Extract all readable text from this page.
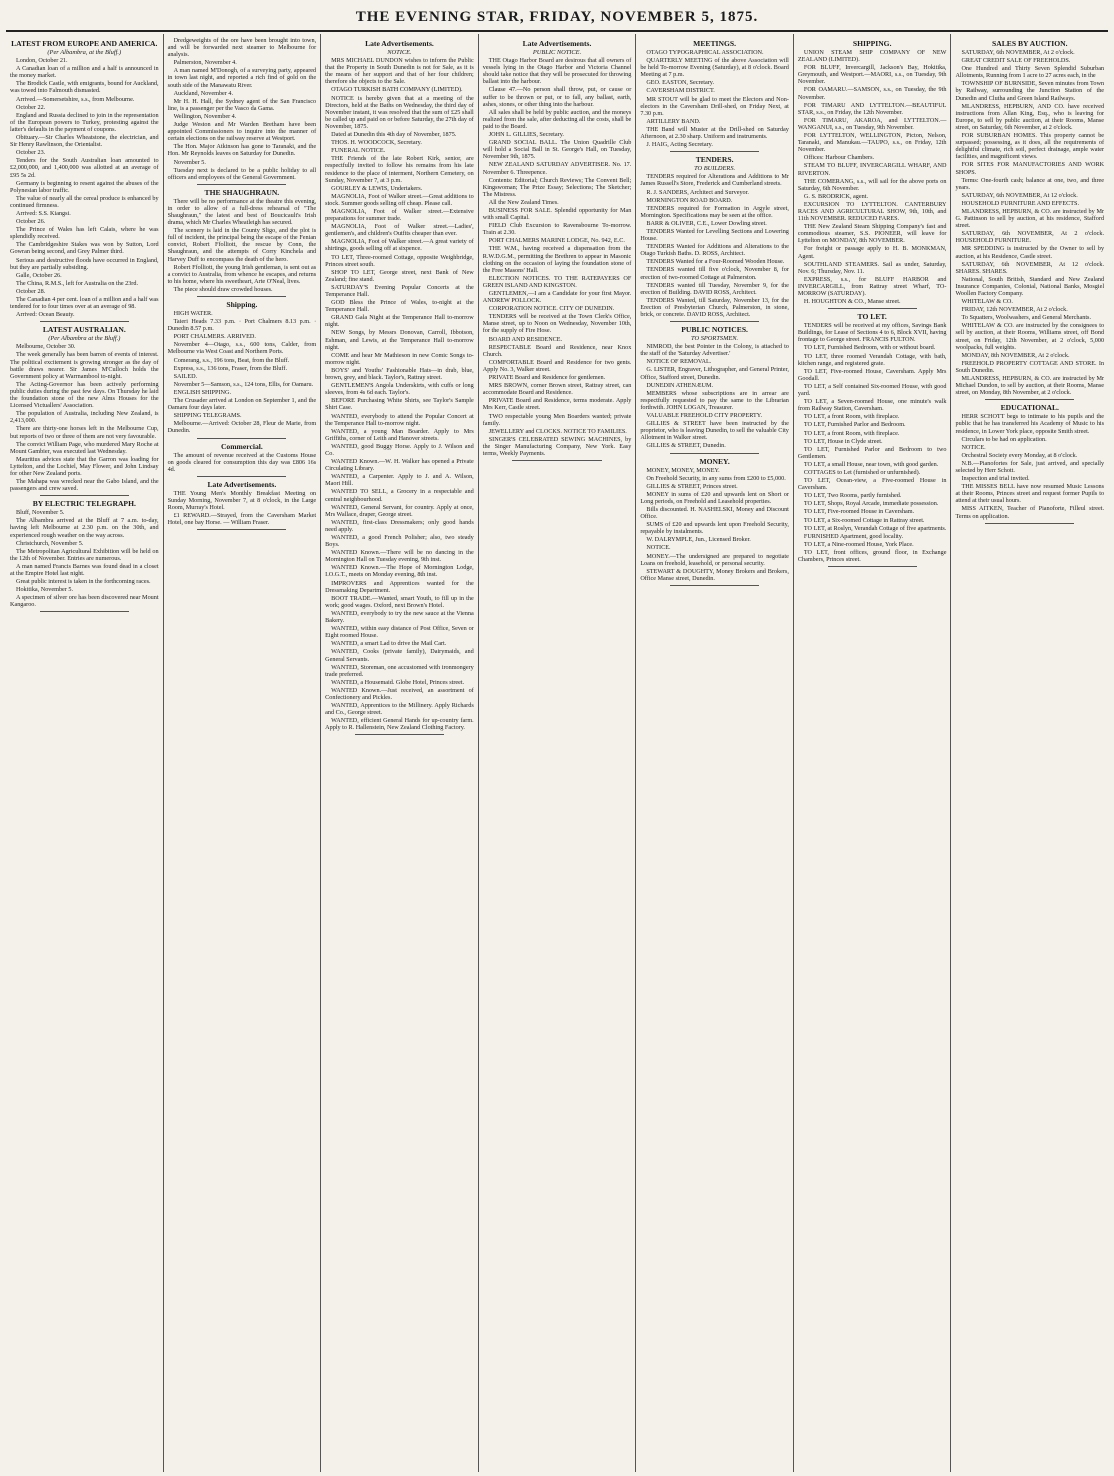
THE EVENING STAR, FRIDAY, NOVEMBER 5, 1875.
LATEST FROM EUROPE AND AMERICA.
(Per Albambra, at the Bluff.)
London, October 21.
A Canadian loan of a million and a half is announced in the money market.
The Brodick Castle, with emigrants, bound for Auckland, was towed into Falmouth dismasted.
Arrived.—Somersetshire, s.s., from Melbourne.
October 22.
England and Russia declined to join in the representation of the European powers to Turkey, protesting against the latter's defaults in the payment of coupons.
Obituary.—Sir Charles Wheatstone, the electrician, and Sir Henry Rawlinson, the Orientalist.
October 23.
Tenders for the South Australian loan amounted to £2,000,000, and 1,400,000 was allotted at an average of £95 5s 2d.
Germany is beginning to resent against the abuses of the Polynesian labor traffic.
The value of nearly all the cereal produce is enhanced by continued firmness.
Arrived: S.S. Kiangsi.
October 26.
The Prince of Wales has left Calais, where he was splendidly received.
The Cambridgeshire Stakes was won by Sutton, Lord Gowran being second, and Grey Palmer third.
Serious and destructive floods have occurred in England, but they are partially subsiding.
Galle, October 26.
The China, R.M.S., left for Australia on the 23rd.
October 28.
The Canadian 4 per cent. loan of a million and a half was tendered for to four times over at an average of 98.
Arrived: Ocean Beauty.
LATEST AUSTRALIAN.
(Per Albambra at the Bluff.)
Melbourne, October 30.
The week generally has been barren of events of interest. The political excitement is growing stronger as the day of battle draws nearer. Sir James M'Culloch holds the Government policy at Warrnambool to-night.
The Acting-Governor has been actively performing public duties during the past few days. On Thursday he laid the foundation stone of the new Alms Houses for the Licensed Victuallers' Association.
The population of Australia, including New Zealand, is 2,413,000.
There are thirty-one horses left in the Melbourne Cup, but reports of two or three of them are not very favourable.
The convict William Page, who murdered Mary Roche at Mount Gambier, was executed last Wednesday.
Mauritius advices state that the Garron was loading for Lyttelton, and the Lochiel, May Flower, and John Lindsay for other New Zealand ports.
The Mahapa was wrecked near the Gabo Island, and the passengers and crew saved.
BY ELECTRIC TELEGRAPH.
Bluff, November 5.
The Albambra arrived at the Bluff at 7 a.m. to-day, having left Melbourne at 2.30 p.m. on the 30th, and experienced rough weather on the way across.
Christchurch, November 5.
The Metropolitan Agricultural Exhibition will be held on the 12th of November. Entries are numerous.
A man named Francis Barnes was found dead in a closet at the Empire Hotel last night.
Great public interest is taken in the forthcoming races.
Hokitika, November 5.
A specimen of silver ore has been discovered near Mount Kangaroo.
Dredgeweights of the ore have been brought into town, and will be forwarded next steamer to Melbourne for analysis.
Palmerston, November 4.
A man named M'Donogh, of a surveying party, appeared in town last night, and reported a rich find of gold on the south side of the Manawatu River.
Auckland, November 4.
Mr H. H. Hall, the Sydney agent of the San Francisco line, is a passenger per the Vasco da Gama.
Wellington, November 4.
Judge Weston and Mr Warden Bretham have been appointed Commissioners to inquire into the manner of certain elections on the railway reserve at Westport.
The Hon. Major Atkinson has gone to Taranaki, and the Hon. Mr Reynolds leaves on Saturday for Dunedin.
November 5.
Tuesday next is declared to be a public holiday to all officers and employees of the General Government.
THE SHAUGHRAUN.
There will be no performance at the theatre this evening, in order to allow of a full-dress rehearsal of "The Shaughraun," the latest and best of Boucicault's Irish drama, which Mr Charles Wheatleigh has secured.
The scenery is laid in the County Sligo, and the plot is full of incident, the principal being the escape of the Fenian convict, Robert Ffolliott, the rescue by Conn, the Shaughraun, and the attempts of Corry Kinchela and Harvey Duff to encompass the death of the hero.
Robert Ffolliott, the young Irish gentleman, is sent out as a convict to Australia, from whence he escapes, and returns to his home, where his sweetheart, Arte O'Neal, lives.
The piece should draw crowded houses.
Shipping.
HIGH WATER.
Taieri Heads 7.33 p.m. · Port Chalmers 8.13 p.m. · Dunedin 8.57 p.m.
PORT CHALMERS. ARRIVED.
November 4—Otago, s.s., 600 tons, Calder, from Melbourne via West Coast and Northern Ports.
Comerang, s.s., 196 tons, Beat, from the Bluff.
Express, s.s., 136 tons, Fraser, from the Bluff.
SAILED.
November 5—Samson, s.s., 124 tons, Ellis, for Oamaru.
ENGLISH SHIPPING.
The Crusader arrived at London on September 1, and the Oamaru four days later.
SHIPPING TELEGRAMS.
Melbourne.—Arrived: October 28, Fleur de Marie, from Dunedin.
Commercial.
The amount of revenue received at the Customs House on goods cleared for consumption this day was £806 16s 4d.
Late Advertisements.
THE Young Men's Monthly Breakfast Meeting on Sunday Morning, November 7, at 8 o'clock, in the Large Room, Murray's Hotel.
£1 REWARD.—Strayed, from the Caversham Market Hotel, one bay Horse. — William Fraser.
Late Advertisements.
NOTICE.
MRS MICHAEL DUNDON wishes to inform the Public that the Property in South Dunedin is not for Sale, as it is the means of her support and that of her four children; therefore she objects to the Sale.
OTAGO TURKISH BATH COMPANY (LIMITED).
NOTICE is hereby given that at a meeting of the Directors, held at the Baths on Wednesday, the third day of November instant, it was resolved that the sum of £25 shall be called up and paid on or before Saturday, the 27th day of November, 1875.
Dated at Dunedin this 4th day of November, 1875.
THOS. H. WOODCOCK, Secretary.
FUNERAL NOTICE.
THE Friends of the late Robert Kirk, senior, are respectfully invited to follow his remains from his late residence to the place of interment, Northern Cemetery, on Sunday, November 7, at 3 p.m.
GOURLEY & LEWIS, Undertakers.
MAGNOLIA, Foot of Walker street.—Great additions to stock. Summer goods selling off cheap. Please call.
MAGNOLIA, Foot of Walker street.—Extensive preparations for summer trade.
MAGNOLIA, Foot of Walker street.—Ladies', gentlemen's, and children's Outfits cheaper than ever.
MAGNOLIA, Foot of Walker street.—A great variety of shirtings, goods selling off at sixpence.
TO LET, Three-roomed Cottage, opposite Weighbridge, Princes street south.
SHOP TO LET, George street, next Bank of New Zealand; fine stand.
SATURDAY'S Evening Popular Concerts at the Temperance Hall.
GOD Bless the Prince of Wales, to-night at the Temperance Hall.
GRAND Gala Night at the Temperance Hall to-morrow night.
NEW Songs, by Messrs Donovan, Carroll, Ibbotson, Eshman, and Lewis, at the Temperance Hall to-morrow night.
COME and hear Mr Mathieson in new Comic Songs to-morrow night.
BOYS' and Youths' Fashionable Hats—in drab, blue, brown, grey, and black. Taylor's, Rattray street.
GENTLEMEN'S Angola Underskirts, with cuffs or long sleeves, from 4s 6d each. Taylor's.
BEFORE Purchasing White Shirts, see Taylor's Sample Shirt Case.
WANTED, everybody to attend the Popular Concert at the Temperance Hall to-morrow night.
WANTED, a young Man Boarder. Apply to Mrs Griffiths, corner of Leith and Hanover streets.
WANTED, good Buggy Horse. Apply to J. Wilson and Co.
WANTED Known.—W. H. Walker has opened a Private Circulating Library.
WANTED, a Carpenter. Apply to J. and A. Wilson, Maori Hill.
WANTED TO SELL, a Grocery in a respectable and central neighbourhood.
WANTED, General Servant, for country. Apply at once, Mrs Wallace, draper, George street.
WANTED, first-class Dressmakers; only good hands need apply.
WANTED, a good French Polisher; also, two steady Boys.
WANTED Known.—There will be no dancing in the Mornington Hall on Tuesday evening, 9th inst.
WANTED Known.—The Hope of Mornington Lodge, I.O.G.T., meets on Monday evening, 8th inst.
IMPROVERS and Apprentices wanted for the Dressmaking Department.
BOOT TRADE.—Wanted, smart Youth, to fill up in the work; good wages. Oxford, next Brown's Hotel.
WANTED, everybody to try the new sauce at the Vienna Bakery.
WANTED, within easy distance of Post Office, Seven or Eight roomed House.
WANTED, a smart Lad to drive the Mail Cart.
WANTED, Cooks (private family), Dairymaids, and General Servants.
WANTED, Storeman, one accustomed with ironmongery trade preferred.
WANTED, a Housemaid. Globe Hotel, Princes street.
WANTED Known.—Just received, an assortment of Confectionery and Pickles.
WANTED, Apprentices to the Millinery. Apply Richards and Co., George street.
WANTED, efficient General Hands for up-country farm. Apply to R. Hallenstein, New Zealand Clothing Factory.
Late Advertisements.
PUBLIC NOTICE.
THE Otago Harbor Board are desirous that all owners of vessels lying in the Otago Harbor and Victoria Channel should take notice that they will be prosecuted for throwing ballast into the harbour.
Clause 47.—No person shall throw, put, or cause or suffer to be thrown or put, or to fall, any ballast, earth, ashes, stones, or other thing into the harbour.
All sales shall be held by public auction, and the moneys realized from the sale, after deducting all the costs, shall be paid to the Board.
JOHN L. GILLIES, Secretary.
GRAND SOCIAL BALL. The Union Quadrille Club will hold a Social Ball in St. George's Hall, on Tuesday, November 9th, 1875.
NEW ZEALAND SATURDAY ADVERTISER. No. 17. November 6. Threepence.
Contents: Editorial; Church Reviews; The Convent Bell; Kingswoman; The Prize Essay; Selections; The Sketcher; The Mistress.
All the New Zealand Times.
BUSINESS FOR SALE. Splendid opportunity for Man with small Capital.
FIELD Club Excursion to Ravensbourne To-morrow. Train at 2.30.
PORT CHALMERS MARINE LODGE, No. 942, E.C.
THE W.M., having received a dispensation from the R.W.D.G.M., permitting the Brethren to appear in Masonic clothing on the occasion of laying the foundation stone of the Free Masons' Hall.
ELECTION NOTICES. TO THE RATEPAYERS OF GREEN ISLAND AND KINGSTON.
GENTLEMEN,—I am a Candidate for your first Mayor. ANDREW POLLOCK.
CORPORATION NOTICE. CITY OF DUNEDIN.
TENDERS will be received at the Town Clerk's Office, Manse street, up to Noon on Wednesday, November 10th, for the supply of Fire Hose.
BOARD AND RESIDENCE.
RESPECTABLE Board and Residence, near Knox Church.
COMFORTABLE Board and Residence for two gents. Apply No. 3, Walker street.
PRIVATE Board and Residence for gentlemen.
MRS BROWN, corner Brown street, Rattray street, can accommodate Board and Residence.
PRIVATE Board and Residence, terms moderate. Apply Mrs Kerr, Castle street.
TWO respectable young Men Boarders wanted; private family.
JEWELLERY and CLOCKS. NOTICE TO FAMILIES.
SINGER'S CELEBRATED SEWING MACHINES, by the Singer Manufacturing Company, New York. Easy terms, Weekly Payments.
MEETINGS.
OTAGO TYPOGRAPHICAL ASSOCIATION.
QUARTERLY MEETING of the above Association will be held To-morrow Evening (Saturday), at 8 o'clock. Board Meeting at 7 p.m.
GEO. EASTON, Secretary.
CAVERSHAM DISTRICT.
MR STOUT will be glad to meet the Electors and Non-electors in the Caversham Drill-shed, on Friday Next, at 7.30 p.m.
ARTILLERY BAND.
THE Band will Muster at the Drill-shed on Saturday Afternoon, at 2.30 sharp. Uniform and instruments.
J. HAIG, Acting Secretary.
TENDERS.
TO BUILDERS.
TENDERS required for Alterations and Additions to Mr James Russell's Store, Frederick and Cumberland streets.
R. J. SANDERS, Architect and Surveyor.
MORNINGTON ROAD BOARD.
TENDERS required for Formation in Argyle street, Mornington. Specifications may be seen at the office.
BARR & OLIVER, C.E., Lower Dowling street.
TENDERS Wanted for Levelling Sections and Lowering House.
TENDERS Wanted for Additions and Alterations to the Otago Turkish Baths. D. ROSS, Architect.
TENDERS Wanted for a Four-Roomed Wooden House.
TENDERS wanted till five o'clock, November 8, for erection of two-roomed Cottage at Palmerston.
TENDERS wanted till Tuesday, November 9, for the erection of Building. DAVID ROSS, Architect.
TENDERS Wanted, till Saturday, November 13, for the Erection of Presbyterian Church, Palmerston, in stone, brick, or concrete. DAVID ROSS, Architect.
PUBLIC NOTICES.
TO SPORTSMEN.
NIMROD, the best Pointer in the Colony, is attached to the staff of the 'Saturday Advertiser.'
NOTICE OF REMOVAL.
G. LISTER, Engraver, Lithographer, and General Printer, Office, Stafford street, Dunedin.
DUNEDIN ATHENÆUM.
MEMBERS whose subscriptions are in arrear are respectfully requested to pay the same to the Librarian forthwith. JOHN LOGAN, Treasurer.
VALUABLE FREEHOLD CITY PROPERTY.
GILLIES & STREET have been instructed by the proprietor, who is leaving Dunedin, to sell the valuable City Allotment in Walker street.
GILLIES & STREET, Dunedin.
MONEY.
MONEY, MONEY, MONEY.
On Freehold Security, in any sums from £200 to £5,000.
GILLIES & STREET, Princes street.
MONEY in sums of £20 and upwards lent on Short or Long periods, on Freehold and Leasehold properties.
Bills discounted. H. NASHELSKI, Money and Discount Office.
SUMS of £20 and upwards lent upon Freehold Security, repayable by instalments.
W. DALRYMPLE, Jun., Licensed Broker.
NOTICE.
MONEY.—The undersigned are prepared to negotiate Loans on freehold, leasehold, or personal security.
STEWART & DOUGHTY, Money Brokers and Brokers, Office Manse street, Dunedin.
SHIPPING.
UNION STEAM SHIP COMPANY OF NEW ZEALAND (LIMITED).
FOR BLUFF, Invercargill, Jackson's Bay, Hokitika, Greymouth, and Westport.—MAORI, s.s., on Tuesday, 9th November.
FOR OAMARU.—SAMSON, s.s., on Tuesday, the 9th November.
FOR TIMARU AND LYTTELTON.—BEAUTIFUL STAR, s.s., on Friday, the 12th November.
FOR TIMARU, AKAROA, and LYTTELTON.—WANGANUI, s.s., on Tuesday, 9th November.
FOR LYTTELTON, WELLINGTON, Picton, Nelson, Taranaki, and Manukau.—TAUPO, s.s., on Friday, 12th November.
Offices: Harbour Chambers.
STEAM TO BLUFF, INVERCARGILL WHARF, AND RIVERTON.
THE COMERANG, s.s., will sail for the above ports on Saturday, 6th November.
G. S. BRODRICK, agent.
EXCURSION TO LYTTELTON. CANTERBURY RACES AND AGRICULTURAL SHOW, 9th, 10th, and 11th NOVEMBER. REDUCED FARES.
THE New Zealand Steam Shipping Company's fast and commodious steamer, S.S. PIONEER, will leave for Lyttelton on MONDAY, 8th NOVEMBER.
For freight or passage apply to H. B. MONKMAN, Agent.
SOUTHLAND STEAMERS. Sail as under, Saturday, Nov. 6; Thursday, Nov. 11.
EXPRESS, s.s., for BLUFF HARBOR and INVERCARGILL, from Rattray street Wharf, TO-MORROW (SATURDAY).
H. HOUGHTON & CO., Manse street.
TO LET.
TENDERS will be received at my offices, Savings Bank Buildings, for Lease of Sections 4 to 6, Block XVII, having frontage to George street. FRANCIS FULTON.
TO LET, Furnished Bedroom, with or without board.
TO LET, three roomed Verandah Cottage, with bath, kitchen range, and registered grate.
TO LET, Five-roomed House, Caversham. Apply Mrs Goodall.
TO LET, a Self contained Six-roomed House, with good yard.
TO LET, a Seven-roomed House, one minute's walk from Railway Station, Caversham.
TO LET, a front Room, with fireplace.
TO LET, Furnished Parlor and Bedroom.
TO LET, a front Room, with fireplace.
TO LET, House in Clyde street.
TO LET, Furnished Parlor and Bedroom to two Gentlemen.
TO LET, a small House, near town, with good garden.
COTTAGES to Let (furnished or unfurnished).
TO LET, Ocean-view, a Five-roomed House in Caversham.
TO LET, Two Rooms, partly furnished.
TO LET, Shops, Royal Arcade, immediate possession.
TO LET, Five-roomed House in Caversham.
TO LET, a Six-roomed Cottage in Rattray street.
TO LET, at Roslyn, Verandah Cottage of five apartments.
FURNISHED Apartment, good locality.
TO LET, a Nine-roomed House, York Place.
TO LET, front offices, ground floor, in Exchange Chambers, Princes street.
SALES BY AUCTION.
SATURDAY, 6th NOVEMBER, At 2 o'clock.
GREAT CREDIT SALE OF FREEHOLDS.
One Hundred and Thirty Seven Splendid Suburban Allotments, Running from 1 acre to 27 acres each, in the
TOWNSHIP OF BURNSIDE, Seven minutes from Town by Railway, surrounding the Junction Station of the Dunedin and Clutha and Green Island Railways.
MLANDRESS, HEPBURN, AND CO. have received instructions from Allan King, Esq., who is leaving for Europe, to sell by public auction, at their Rooms, Manse street, on Saturday, 6th November, at 2 o'clock.
FOR SUBURBAN HOMES. This property cannot be surpassed; possessing, as it does, all the requirements of delightful climate, rich soil, perfect drainage, ample water facilities, and magnificent views.
FOR SITES FOR MANUFACTORIES AND WORK SHOPS.
Terms: One-fourth cash; balance at one, two, and three years.
SATURDAY, 6th NOVEMBER, At 12 o'clock.
HOUSEHOLD FURNITURE AND EFFECTS.
MLANDRESS, HEPBURN, & CO. are instructed by Mr G. Pattinson to sell by auction, at his residence, Stafford street.
SATURDAY, 6th NOVEMBER, At 2 o'clock. HOUSEHOLD FURNITURE.
MR SPEDDING is instructed by the Owner to sell by auction, at his Residence, Castle street.
SATURDAY, 6th NOVEMBER, At 12 o'clock. SHARES. SHARES.
National, South British, Standard and New Zealand Insurance Companies, Colonial, National Banks, Mosgiel Woollen Factory Company.
WHITELAW & CO.
FRIDAY, 12th NOVEMBER, At 2 o'clock.
To Squatters, Woolwashers, and General Merchants.
WHITELAW & CO. are instructed by the consignees to sell by auction, at their Rooms, Williams street, off Bond street, on Friday, 12th November, at 2 o'clock, 5,000 woolpacks, full weights.
MONDAY, 8th NOVEMBER, At 2 o'clock.
FREEHOLD PROPERTY COTTAGE AND STORE. In South Dunedin.
MLANDRESS, HEPBURN, & CO. are instructed by Mr Michael Dundon, to sell by auction, at their Rooms, Manse street, on Monday, 8th November, at 2 o'clock.
EDUCATIONAL.
HERR SCHOTT begs to intimate to his pupils and the public that he has transferred his Academy of Music to his residence, in Lower York place, opposite Smith street.
Circulars to be had on application.
NOTICE.
Orchestral Society every Monday, at 8 o'clock.
N.B.—Pianofortes for Sale, just arrived, and specially selected by Herr Schott.
Inspection and trial invited.
THE MISSES BELL have now resumed Music Lessons at their Rooms, Princes street and request former Pupils to attend at their usual hours.
MISS AITKEN, Teacher of Pianoforte, Filleul street. Terms on application.
